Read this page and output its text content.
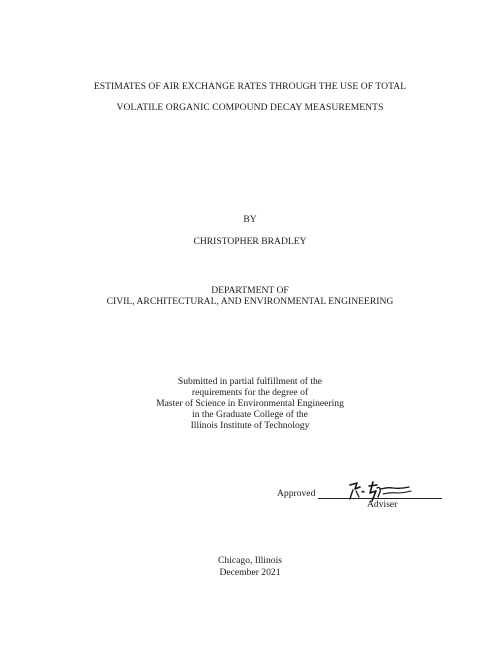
ESTIMATES OF AIR EXCHANGE RATES THROUGH THE USE OF TOTAL

VOLATILE ORGANIC COMPOUND DECAY MEASUREMENTS

BY

CHRISTOPHER BRADLEY

DEPARTMENT OF

CIVIL, ARCHITECTURAL, AND ENVIRONMENTAL ENGINEERING

Submitted in partial fulfillment of the

requirements for the degree of

Master of Science in Environmental Engineering

in the Graduate College of the

Illinois Institute of Technology

Approved
Adviser

Chicago, Illinois

December 2021
